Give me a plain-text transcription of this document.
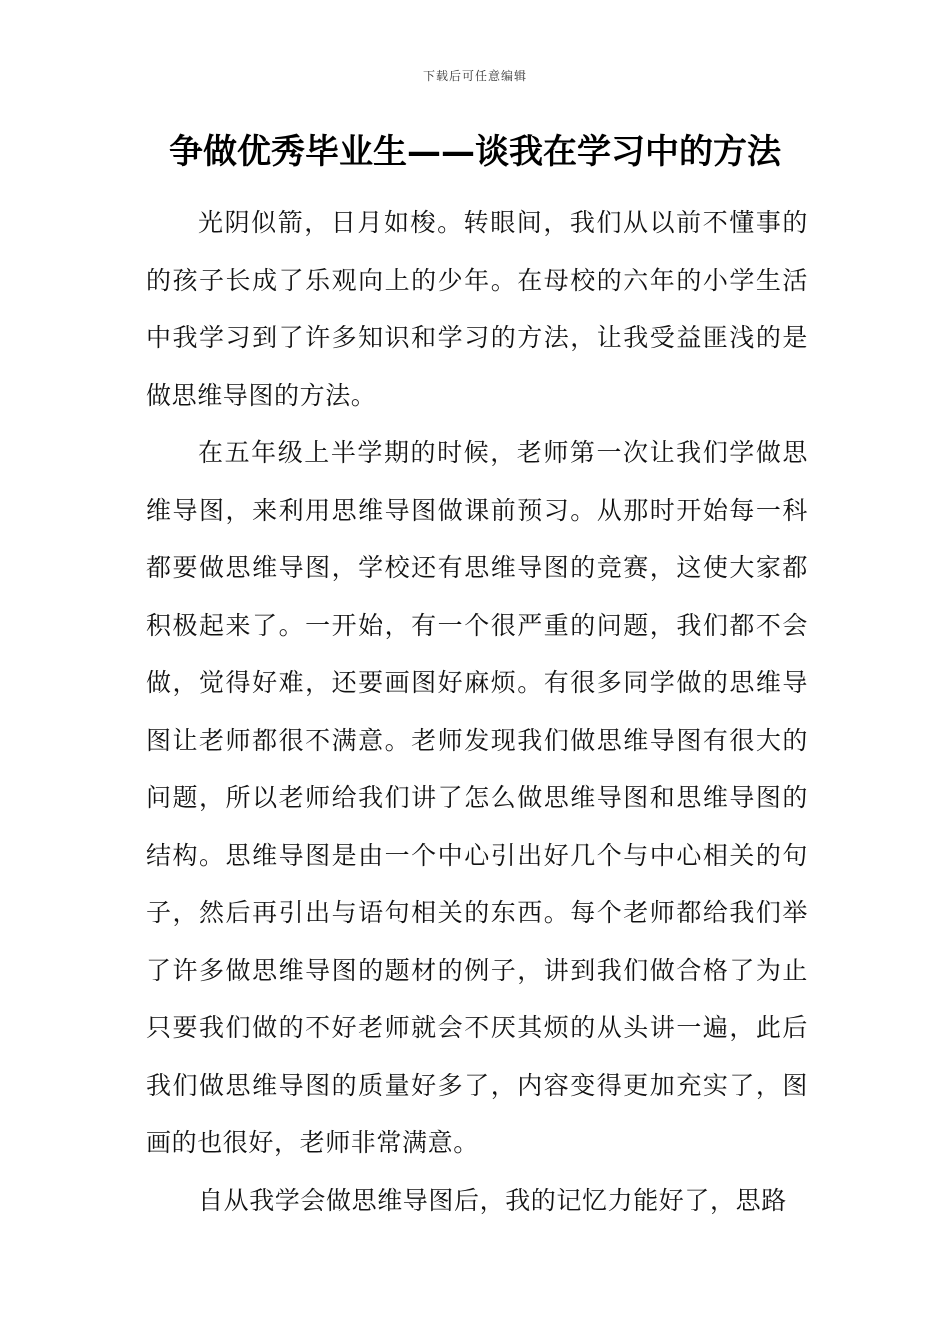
下载后可任意编辑
争做优秀毕业生——谈我在学习中的方法

光阴似箭，日月如梭。转眼间，我们从以前不懂事的的孩子长成了乐观向上的少年。在母校的六年的小学生活中我学习到了许多知识和学习的方法，让我受益匪浅的是做思维导图的方法。

在五年级上半学期的时候，老师第一次让我们学做思维导图，来利用思维导图做课前预习。从那时开始每一科都要做思维导图，学校还有思维导图的竞赛，这使大家都积极起来了。一开始，有一个很严重的问题，我们都不会做，觉得好难，还要画图好麻烦。有很多同学做的思维导图让老师都很不满意。老师发现我们做思维导图有很大的问题，所以老师给我们讲了怎么做思维导图和思维导图的结构。思维导图是由一个中心引出好几个与中心相关的句子，然后再引出与语句相关的东西。每个老师都给我们举了许多做思维导图的题材的例子，讲到我们做合格了为止只要我们做的不好老师就会不厌其烦的从头讲一遍，此后我们做思维导图的质量好多了，内容变得更加充实了，图画的也很好，老师非常满意。

自从我学会做思维导图后，我的记忆力能好了，思路
